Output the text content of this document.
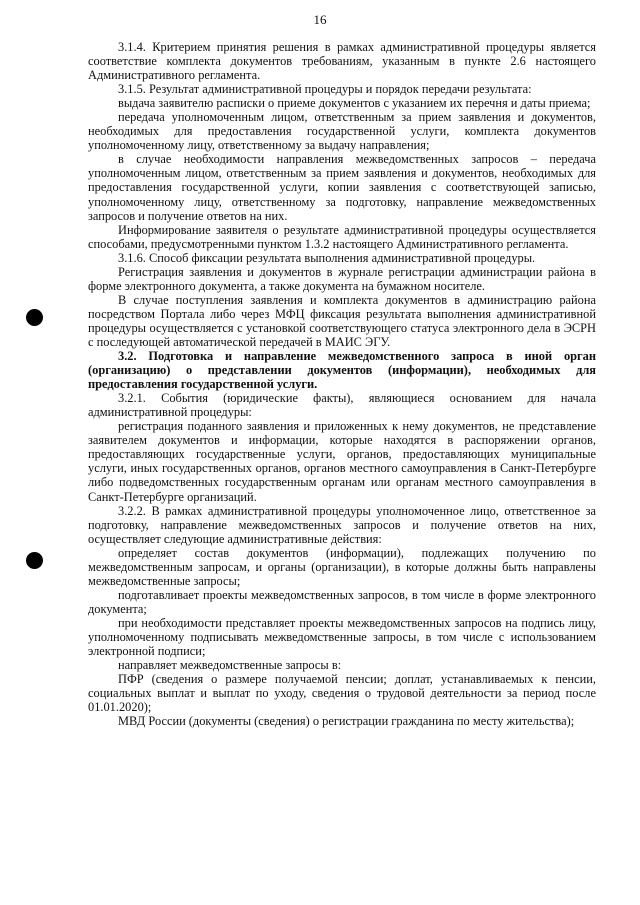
16

3.1.4. Критерием принятия решения в рамках административной процедуры является соответствие комплекта документов требованиям, указанным в пункте 2.6 настоящего Административного регламента.

3.1.5. Результат административной процедуры и порядок передачи результата:

выдача заявителю расписки о приеме документов с указанием их перечня и даты приема;

передача уполномоченным лицом, ответственным за прием заявления и документов, необходимых для предоставления государственной услуги, комплекта документов уполномоченному лицу, ответственному за выдачу направления;

в случае необходимости направления межведомственных запросов – передача уполномоченным лицом, ответственным за прием заявления и документов, необходимых для предоставления государственной услуги, копии заявления с соответствующей записью, уполномоченному лицу, ответственному за подготовку, направление межведомственных запросов и получение ответов на них.

Информирование заявителя о результате административной процедуры осуществляется способами, предусмотренными пунктом 1.3.2 настоящего Административного регламента.

3.1.6. Способ фиксации результата выполнения административной процедуры.

Регистрация заявления и документов в журнале регистрации администрации района в форме электронного документа, а также документа на бумажном носителе.

В случае поступления заявления и комплекта документов в администрацию района посредством Портала либо через МФЦ фиксация результата выполнения административной процедуры осуществляется с установкой соответствующего статуса электронного дела в ЭСРН с последующей автоматической передачей в МАИС ЭГУ.

3.2. Подготовка и направление межведомственного запроса в иной орган (организацию) о представлении документов (информации), необходимых для предоставления государственной услуги.

3.2.1. События (юридические факты), являющиеся основанием для начала административной процедуры:

регистрация поданного заявления и приложенных к нему документов, не представление заявителем документов и информации, которые находятся в распоряжении органов, предоставляющих государственные услуги, органов, предоставляющих муниципальные услуги, иных государственных органов, органов местного самоуправления в Санкт-Петербурге либо подведомственных государственным органам или органам местного самоуправления в Санкт-Петербурге организаций.

3.2.2. В рамках административной процедуры уполномоченное лицо, ответственное за подготовку, направление межведомственных запросов и получение ответов на них, осуществляет следующие административные действия:

определяет состав документов (информации), подлежащих получению по межведомственным запросам, и органы (организации), в которые должны быть направлены межведомственные запросы;

подготавливает проекты межведомственных запросов, в том числе в форме электронного документа;

при необходимости представляет проекты межведомственных запросов на подпись лицу, уполномоченному подписывать межведомственные запросы, в том числе с использованием электронной подписи;

направляет межведомственные запросы в:

ПФР (сведения о размере получаемой пенсии; доплат, устанавливаемых к пенсии, социальных выплат и выплат по уходу, сведения о трудовой деятельности за период после 01.01.2020);

МВД России (документы (сведения) о регистрации гражданина по месту жительства);
